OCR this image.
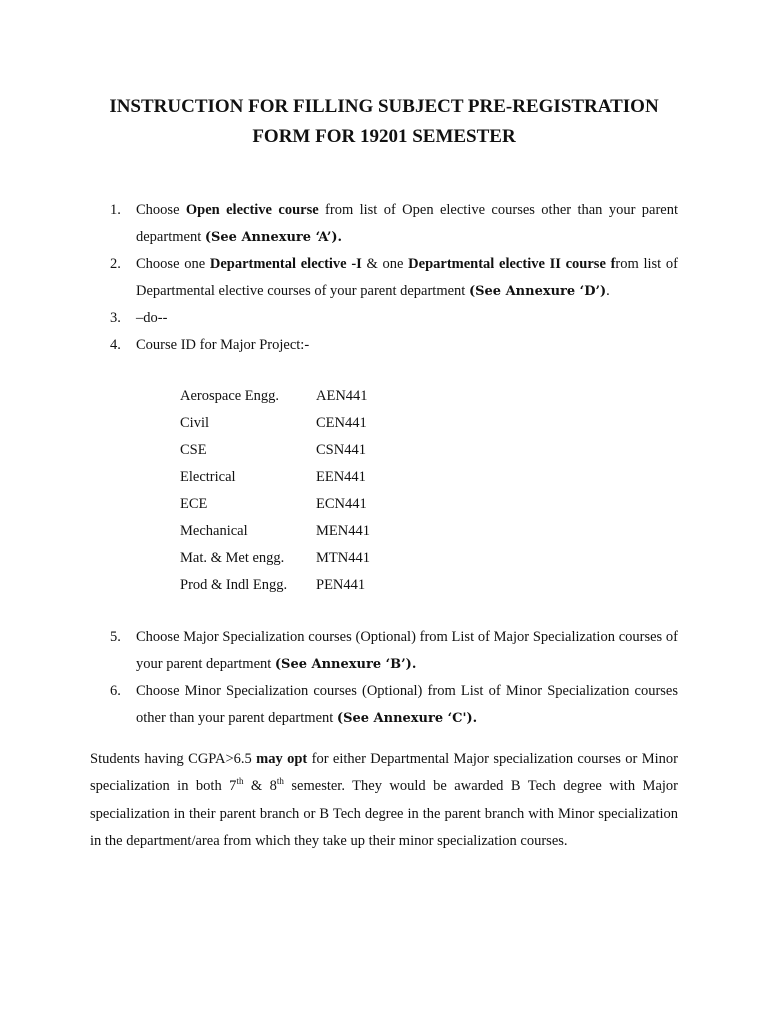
INSTRUCTION FOR FILLING SUBJECT PRE-REGISTRATION
FORM FOR 19201 SEMESTER
1. Choose Open elective course from list of Open elective courses other than your parent department (See Annexure ‘A’).
2. Choose one Departmental elective -I & one Departmental elective II course from list of Departmental elective courses of your parent department (See Annexure ‘D’).
3. –do--
4. Course ID for Major Project:-
Aerospace Engg.	AEN441
Civil	CEN441
CSE	CSN441
Electrical	EEN441
ECE	ECN441
Mechanical	MEN441
Mat. & Met engg.	MTN441
Prod & Indl Engg.	PEN441
5. Choose Major Specialization courses (Optional) from List of Major Specialization courses of your parent department (See Annexure ‘B’).
6. Choose Minor Specialization courses (Optional) from List of Minor Specialization courses other than your parent department (See Annexure ‘C').
Students having CGPA>6.5 may opt for either Departmental Major specialization courses or Minor specialization in both 7th & 8th semester. They would be awarded B Tech degree with Major specialization in their parent branch or B Tech degree in the parent branch with Minor specialization in the department/area from which they take up their minor specialization courses.
